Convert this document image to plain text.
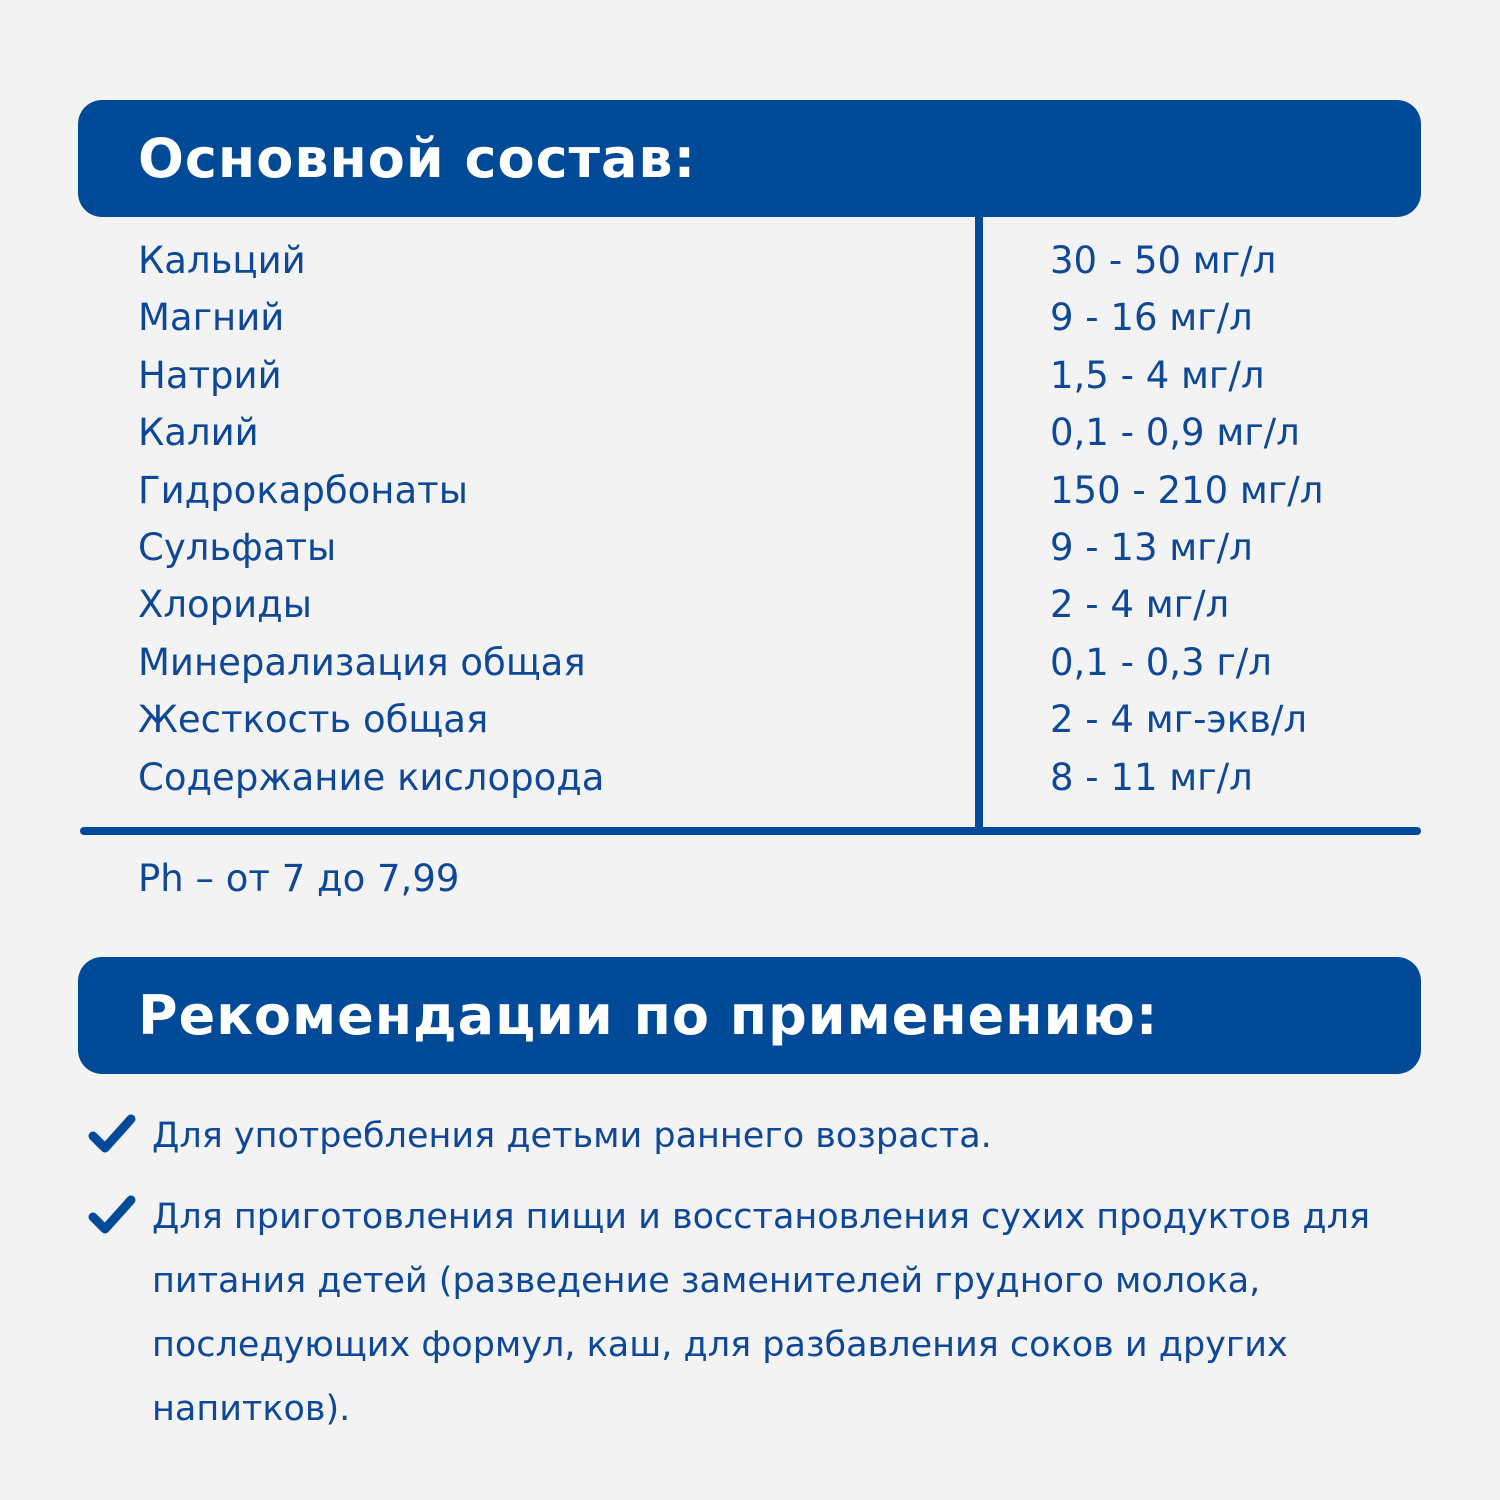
Основной состав:
Кальций	30 - 50 мг/л
Магний	9 - 16 мг/л
Натрий	1,5 - 4 мг/л
Калий	0,1 - 0,9 мг/л
Гидрокарбонаты	150 - 210 мг/л
Сульфаты	9 - 13 мг/л
Хлориды	2 - 4 мг/л
Минерализация общая	0,1 - 0,3 г/л
Жесткость общая	2 - 4 мг-экв/л
Содержание кислорода	8 - 11 мг/л
Ph – от 7 до 7,99
Рекомендации по применению:
Для употребления детьми раннего возраста.
Для приготовления пищи и восстановления сухих продуктов для питания детей (разведение заменителей грудного молока, последующих формул, каш, для разбавления соков и других напитков).
